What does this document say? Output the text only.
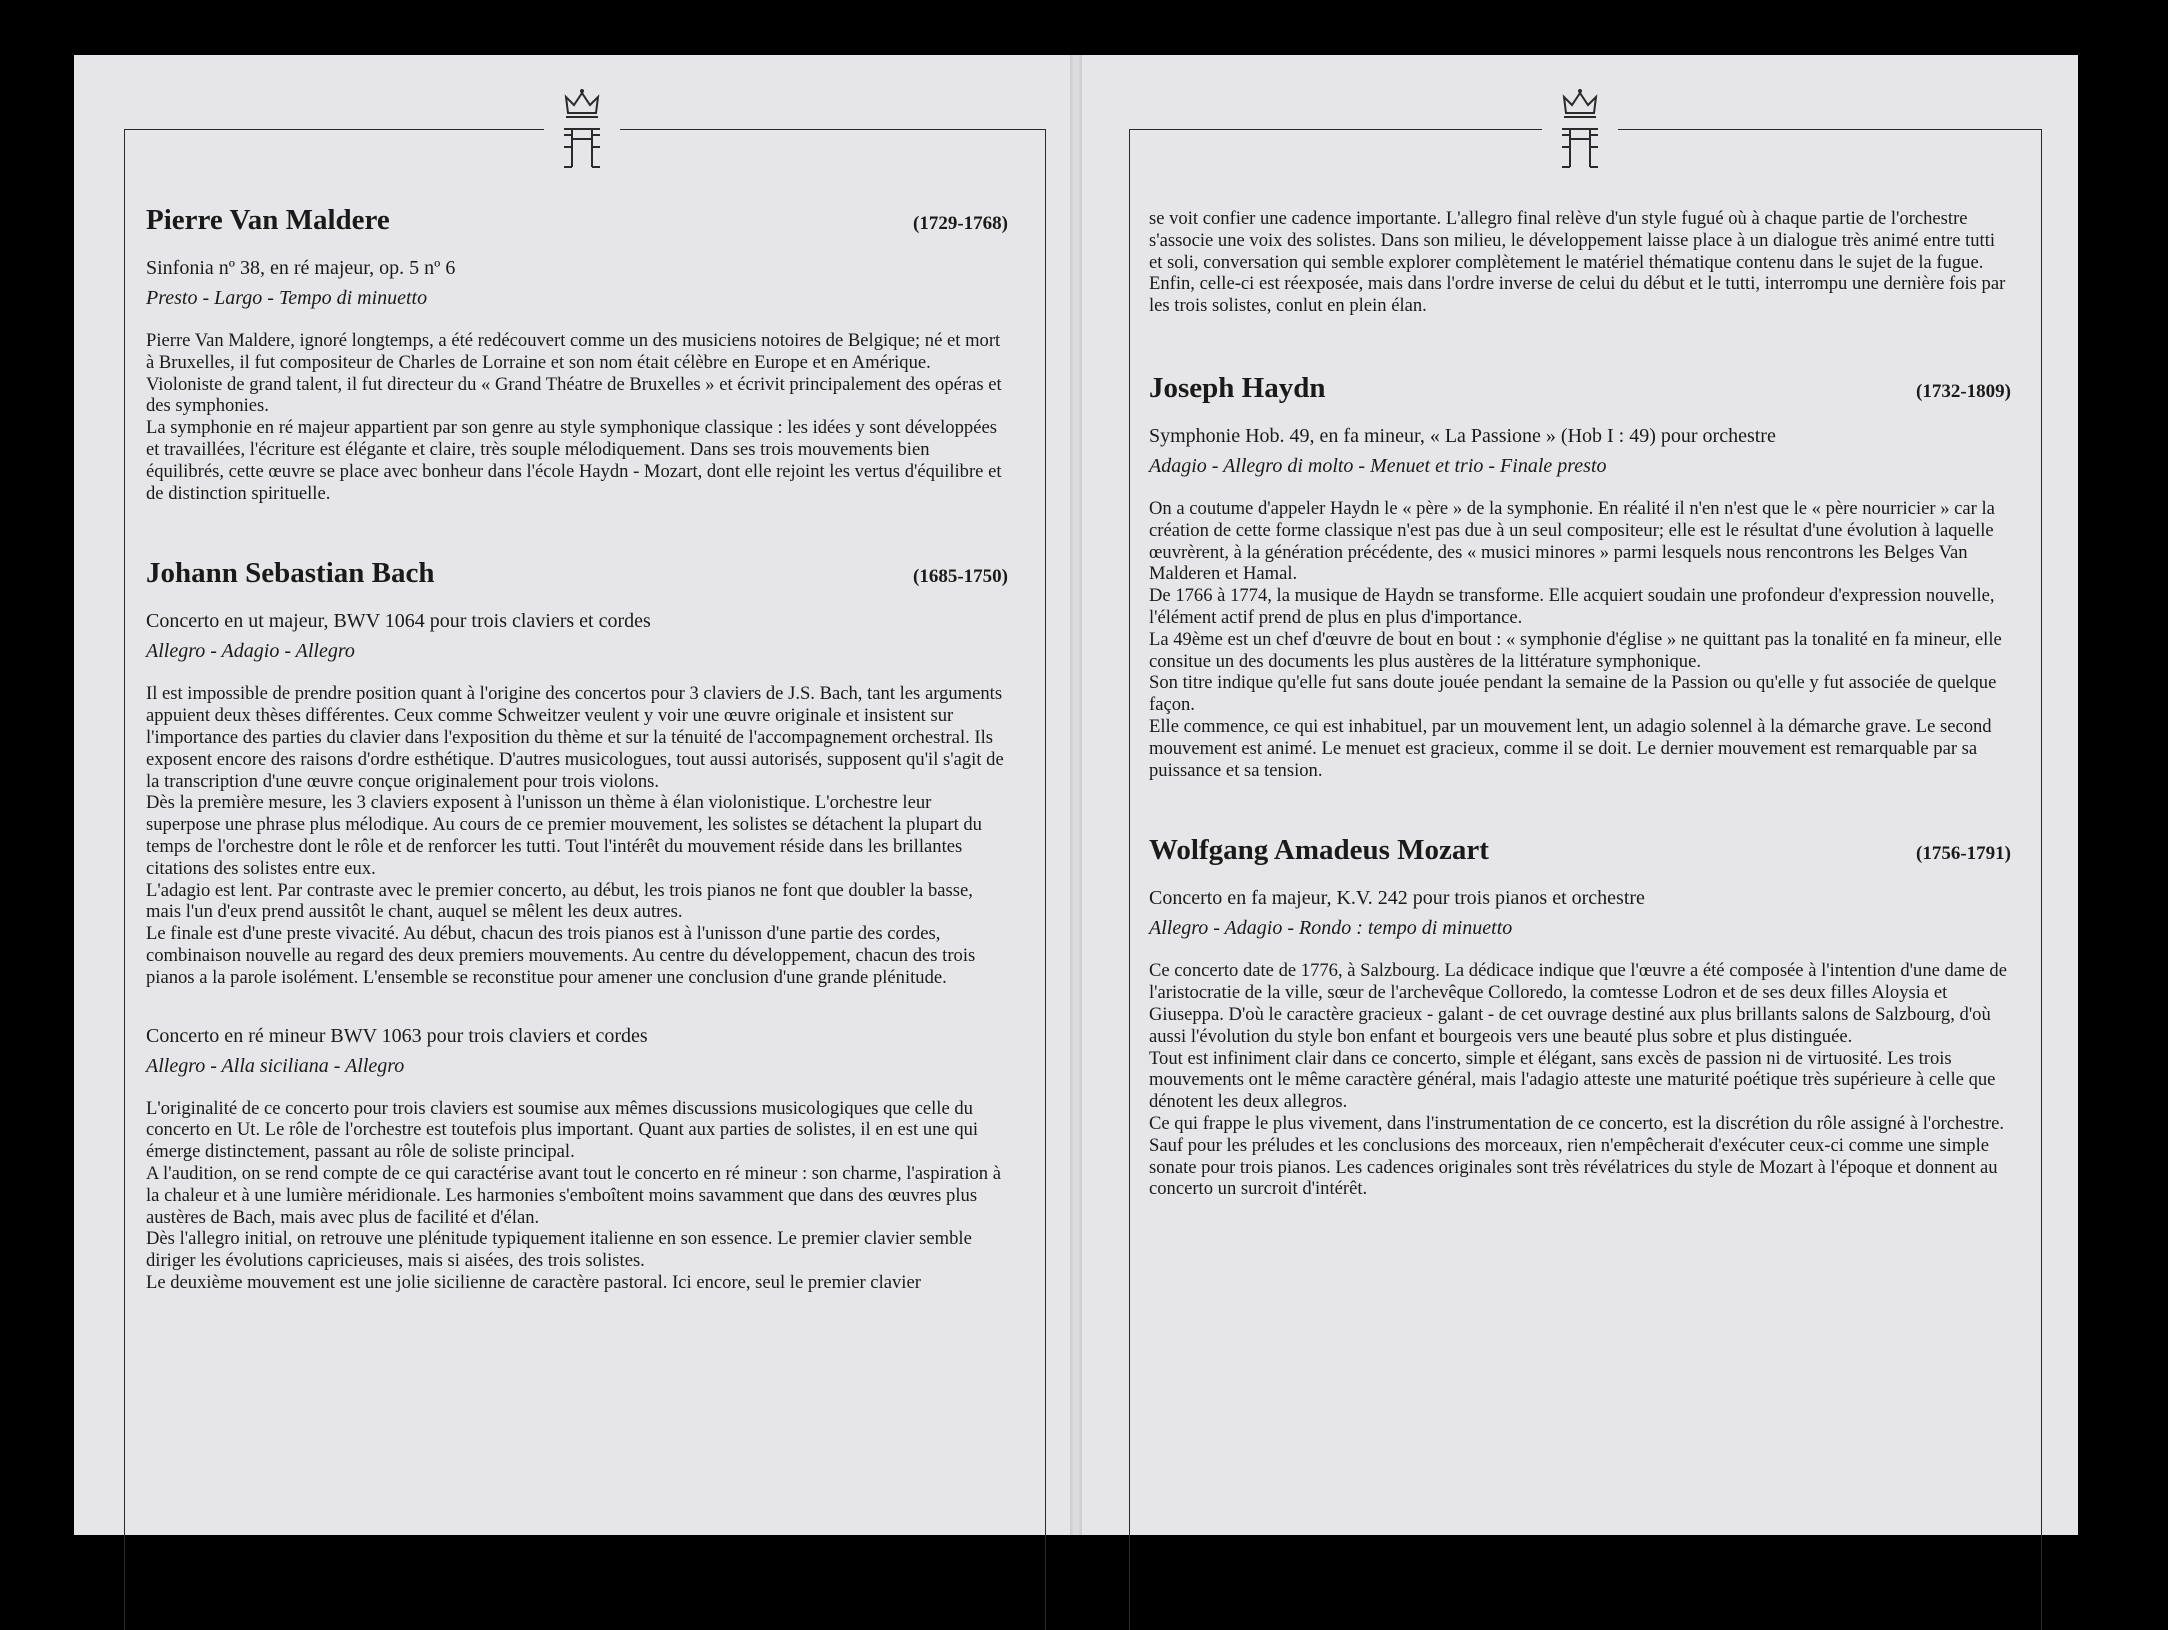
Pierre Van Maldere	(1729-1768)
Sinfonia nº 38, en ré majeur, op. 5 nº 6
Presto - Largo - Tempo di minuetto

Pierre Van Maldere, ignoré longtemps, a été redécouvert comme un des musiciens notoires de Belgique; né et mort à Bruxelles, il fut compositeur de Charles de Lorraine et son nom était célèbre en Europe et en Amérique. Violoniste de grand talent, il fut directeur du « Grand Théatre de Bruxelles » et écrivit principalement des opéras et des symphonies.

La symphonie en ré majeur appartient par son genre au style symphonique classique : les idées y sont développées et travaillées, l'écriture est élégante et claire, très souple mélodiquement. Dans ses trois mouvements bien équilibrés, cette œuvre se place avec bonheur dans l'école Haydn - Mozart, dont elle rejoint les vertus d'équilibre et de distinction spirituelle.

Johann Sebastian Bach	(1685-1750)
Concerto en ut majeur, BWV 1064 pour trois claviers et cordes
Allegro - Adagio - Allegro

Il est impossible de prendre position quant à l'origine des concertos pour 3 claviers de J.S. Bach, tant les arguments appuient deux thèses différentes. Ceux comme Schweitzer veulent y voir une œuvre originale et insistent sur l'importance des parties du clavier dans l'exposition du thème et sur la ténuité de l'accompagnement orchestral. Ils exposent encore des raisons d'ordre esthétique. D'autres musicologues, tout aussi autorisés, supposent qu'il s'agit de la transcription d'une œuvre conçue originalement pour trois violons.

Dès la première mesure, les 3 claviers exposent à l'unisson un thème à élan violonistique. L'orchestre leur superpose une phrase plus mélodique. Au cours de ce premier mouvement, les solistes se détachent la plupart du temps de l'orchestre dont le rôle et de renforcer les tutti. Tout l'intérêt du mouvement réside dans les brillantes citations des solistes entre eux.

L'adagio est lent. Par contraste avec le premier concerto, au début, les trois pianos ne font que doubler la basse, mais l'un d'eux prend aussitôt le chant, auquel se mêlent les deux autres.

Le finale est d'une preste vivacité. Au début, chacun des trois pianos est à l'unisson d'une partie des cordes, combinaison nouvelle au regard des deux premiers mouvements. Au centre du développement, chacun des trois pianos a la parole isolément. L'ensemble se reconstitue pour amener une conclusion d'une grande plénitude.

Concerto en ré mineur BWV 1063 pour trois claviers et cordes
Allegro - Alla siciliana - Allegro

L'originalité de ce concerto pour trois claviers est soumise aux mêmes discussions musicologiques que celle du concerto en Ut. Le rôle de l'orchestre est toutefois plus important. Quant aux parties de solistes, il en est une qui émerge distinctement, passant au rôle de soliste principal.

A l'audition, on se rend compte de ce qui caractérise avant tout le concerto en ré mineur : son charme, l'aspiration à la chaleur et à une lumière méridionale. Les harmonies s'emboîtent moins savamment que dans des œuvres plus austères de Bach, mais avec plus de facilité et d'élan.

Dès l'allegro initial, on retrouve une plénitude typiquement italienne en son essence. Le premier clavier semble diriger les évolutions capricieuses, mais si aisées, des trois solistes.

Le deuxième mouvement est une jolie sicilienne de caractère pastoral. Ici encore, seul le premier clavier

se voit confier une cadence importante. L'allegro final relève d'un style fugué où à chaque partie de l'orchestre s'associe une voix des solistes. Dans son milieu, le développement laisse place à un dialogue très animé entre tutti et soli, conversation qui semble explorer complètement le matériel thématique contenu dans le sujet de la fugue. Enfin, celle-ci est réexposée, mais dans l'ordre inverse de celui du début et le tutti, interrompu une dernière fois par les trois solistes, conlut en plein élan.

Joseph Haydn	(1732-1809)
Symphonie Hob. 49, en fa mineur, « La Passione » (Hob I : 49) pour orchestre
Adagio - Allegro di molto - Menuet et trio - Finale presto

On a coutume d'appeler Haydn le « père » de la symphonie. En réalité il n'en n'est que le « père nourricier » car la création de cette forme classique n'est pas due à un seul compositeur; elle est le résultat d'une évolution à laquelle œuvrèrent, à la génération précédente, des « musici minores » parmi lesquels nous rencontrons les Belges Van Malderen et Hamal.

De 1766 à 1774, la musique de Haydn se transforme. Elle acquiert soudain une profondeur d'expression nouvelle, l'élément actif prend de plus en plus d'importance.

La 49ème est un chef d'œuvre de bout en bout : « symphonie d'église » ne quittant pas la tonalité en fa mineur, elle consitue un des documents les plus austères de la littérature symphonique.

Son titre indique qu'elle fut sans doute jouée pendant la semaine de la Passion ou qu'elle y fut associée de quelque façon.

Elle commence, ce qui est inhabituel, par un mouvement lent, un adagio solennel à la démarche grave. Le second mouvement est animé. Le menuet est gracieux, comme il se doit. Le dernier mouvement est remarquable par sa puissance et sa tension.

Wolfgang Amadeus Mozart	(1756-1791)
Concerto en fa majeur, K.V. 242 pour trois pianos et orchestre
Allegro - Adagio - Rondo : tempo di minuetto

Ce concerto date de 1776, à Salzbourg. La dédicace indique que l'œuvre a été composée à l'intention d'une dame de l'aristocratie de la ville, sœur de l'archevêque Colloredo, la comtesse Lodron et de ses deux filles Aloysia et Giuseppa. D'où le caractère gracieux - galant - de cet ouvrage destiné aux plus brillants salons de Salzbourg, d'où aussi l'évolution du style bon enfant et bourgeois vers une beauté plus sobre et plus distinguée.

Tout est infiniment clair dans ce concerto, simple et élégant, sans excès de passion ni de virtuosité. Les trois mouvements ont le même caractère général, mais l'adagio atteste une maturité poétique très supérieure à celle que dénotent les deux allegros.

Ce qui frappe le plus vivement, dans l'instrumentation de ce concerto, est la discrétion du rôle assigné à l'orchestre. Sauf pour les préludes et les conclusions des morceaux, rien n'empêcherait d'exécuter ceux-ci comme une simple sonate pour trois pianos. Les cadences originales sont très révélatrices du style de Mozart à l'époque et donnent au concerto un surcroit d'intérêt.
